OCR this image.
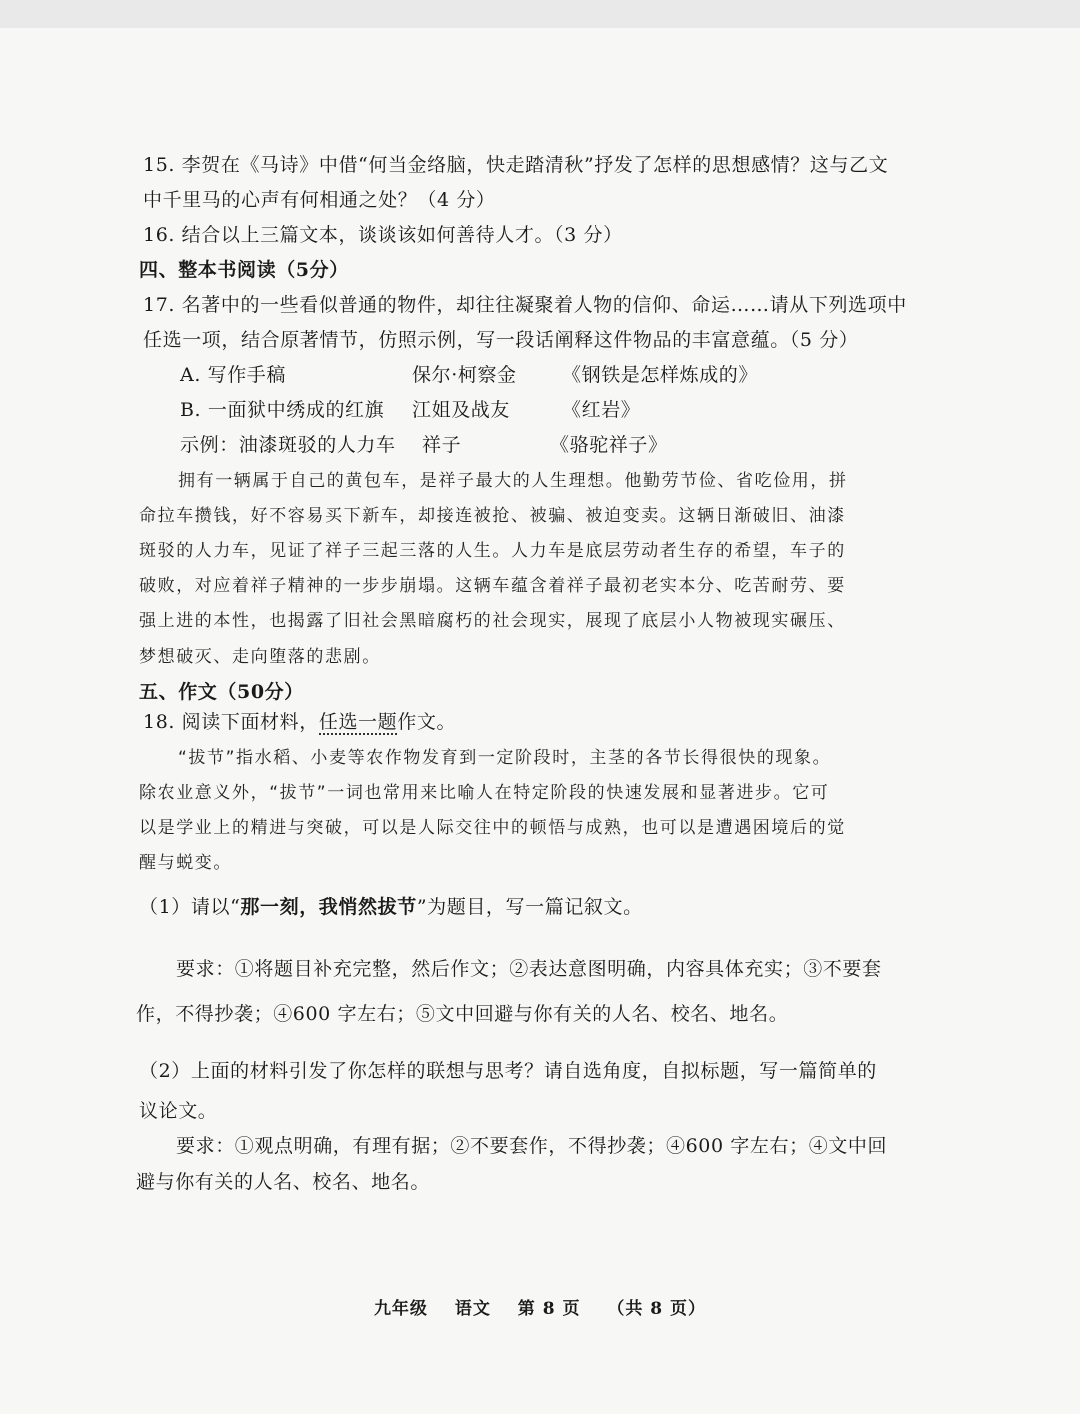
15. 李贺在《马诗》中借“何当金络脑，快走踏清秋”抒发了怎样的思想感情？这与乙文
中千里马的心声有何相通之处？（4 分）
16. 结合以上三篇文本，谈谈该如何善待人才。（3 分）
四、整本书阅读（5分）
17. 名著中的一些看似普通的物件，却往往凝聚着人物的信仰、命运……请从下列选项中
任选一项，结合原著情节，仿照示例，写一段话阐释这件物品的丰富意蕴。（5 分）
A. 写作手稿	保尔·柯察金 《钢铁是怎样炼成的》
B. 一面狱中绣成的红旗 江姐及战友	《红岩》
示例：油漆斑驳的人力车 祥子	《骆驼祥子》
拥有一辆属于自己的黄包车，是祥子最大的人生理想。他勤劳节俭、省吃俭用，拼
命拉车攒钱，好不容易买下新车，却接连被抢、被骗、被迫变卖。这辆日渐破旧、油漆
斑驳的人力车，见证了祥子三起三落的人生。人力车是底层劳动者生存的希望，车子的
破败，对应着祥子精神的一步步崩塌。这辆车蕴含着祥子最初老实本分、吃苦耐劳、要
强上进的本性，也揭露了旧社会黑暗腐朽的社会现实，展现了底层小人物被现实碾压、
梦想破灭、走向堕落的悲剧。
五、作文（50分）
18. 阅读下面材料，任选一题作文。
“拔节”指水稻、小麦等农作物发育到一定阶段时，主茎的各节长得很快的现象。
除农业意义外，“拔节”一词也常用来比喻人在特定阶段的快速发展和显著进步。它可
以是学业上的精进与突破，可以是人际交往中的顿悟与成熟，也可以是遭遇困境后的觉
醒与蜕变。
（1）请以“那一刻，我悄然拔节”为题目，写一篇记叙文。
要求：①将题目补充完整，然后作文；②表达意图明确，内容具体充实；③不要套
作，不得抄袭；④600 字左右；⑤文中回避与你有关的人名、校名、地名。
（2）上面的材料引发了你怎样的联想与思考？请自选角度，自拟标题，写一篇简单的
议论文。
要求：①观点明确，有理有据；②不要套作，不得抄袭；④600 字左右；④文中回
避与你有关的人名、校名、地名。
九年级 语文 第 8 页 （共 8 页）
